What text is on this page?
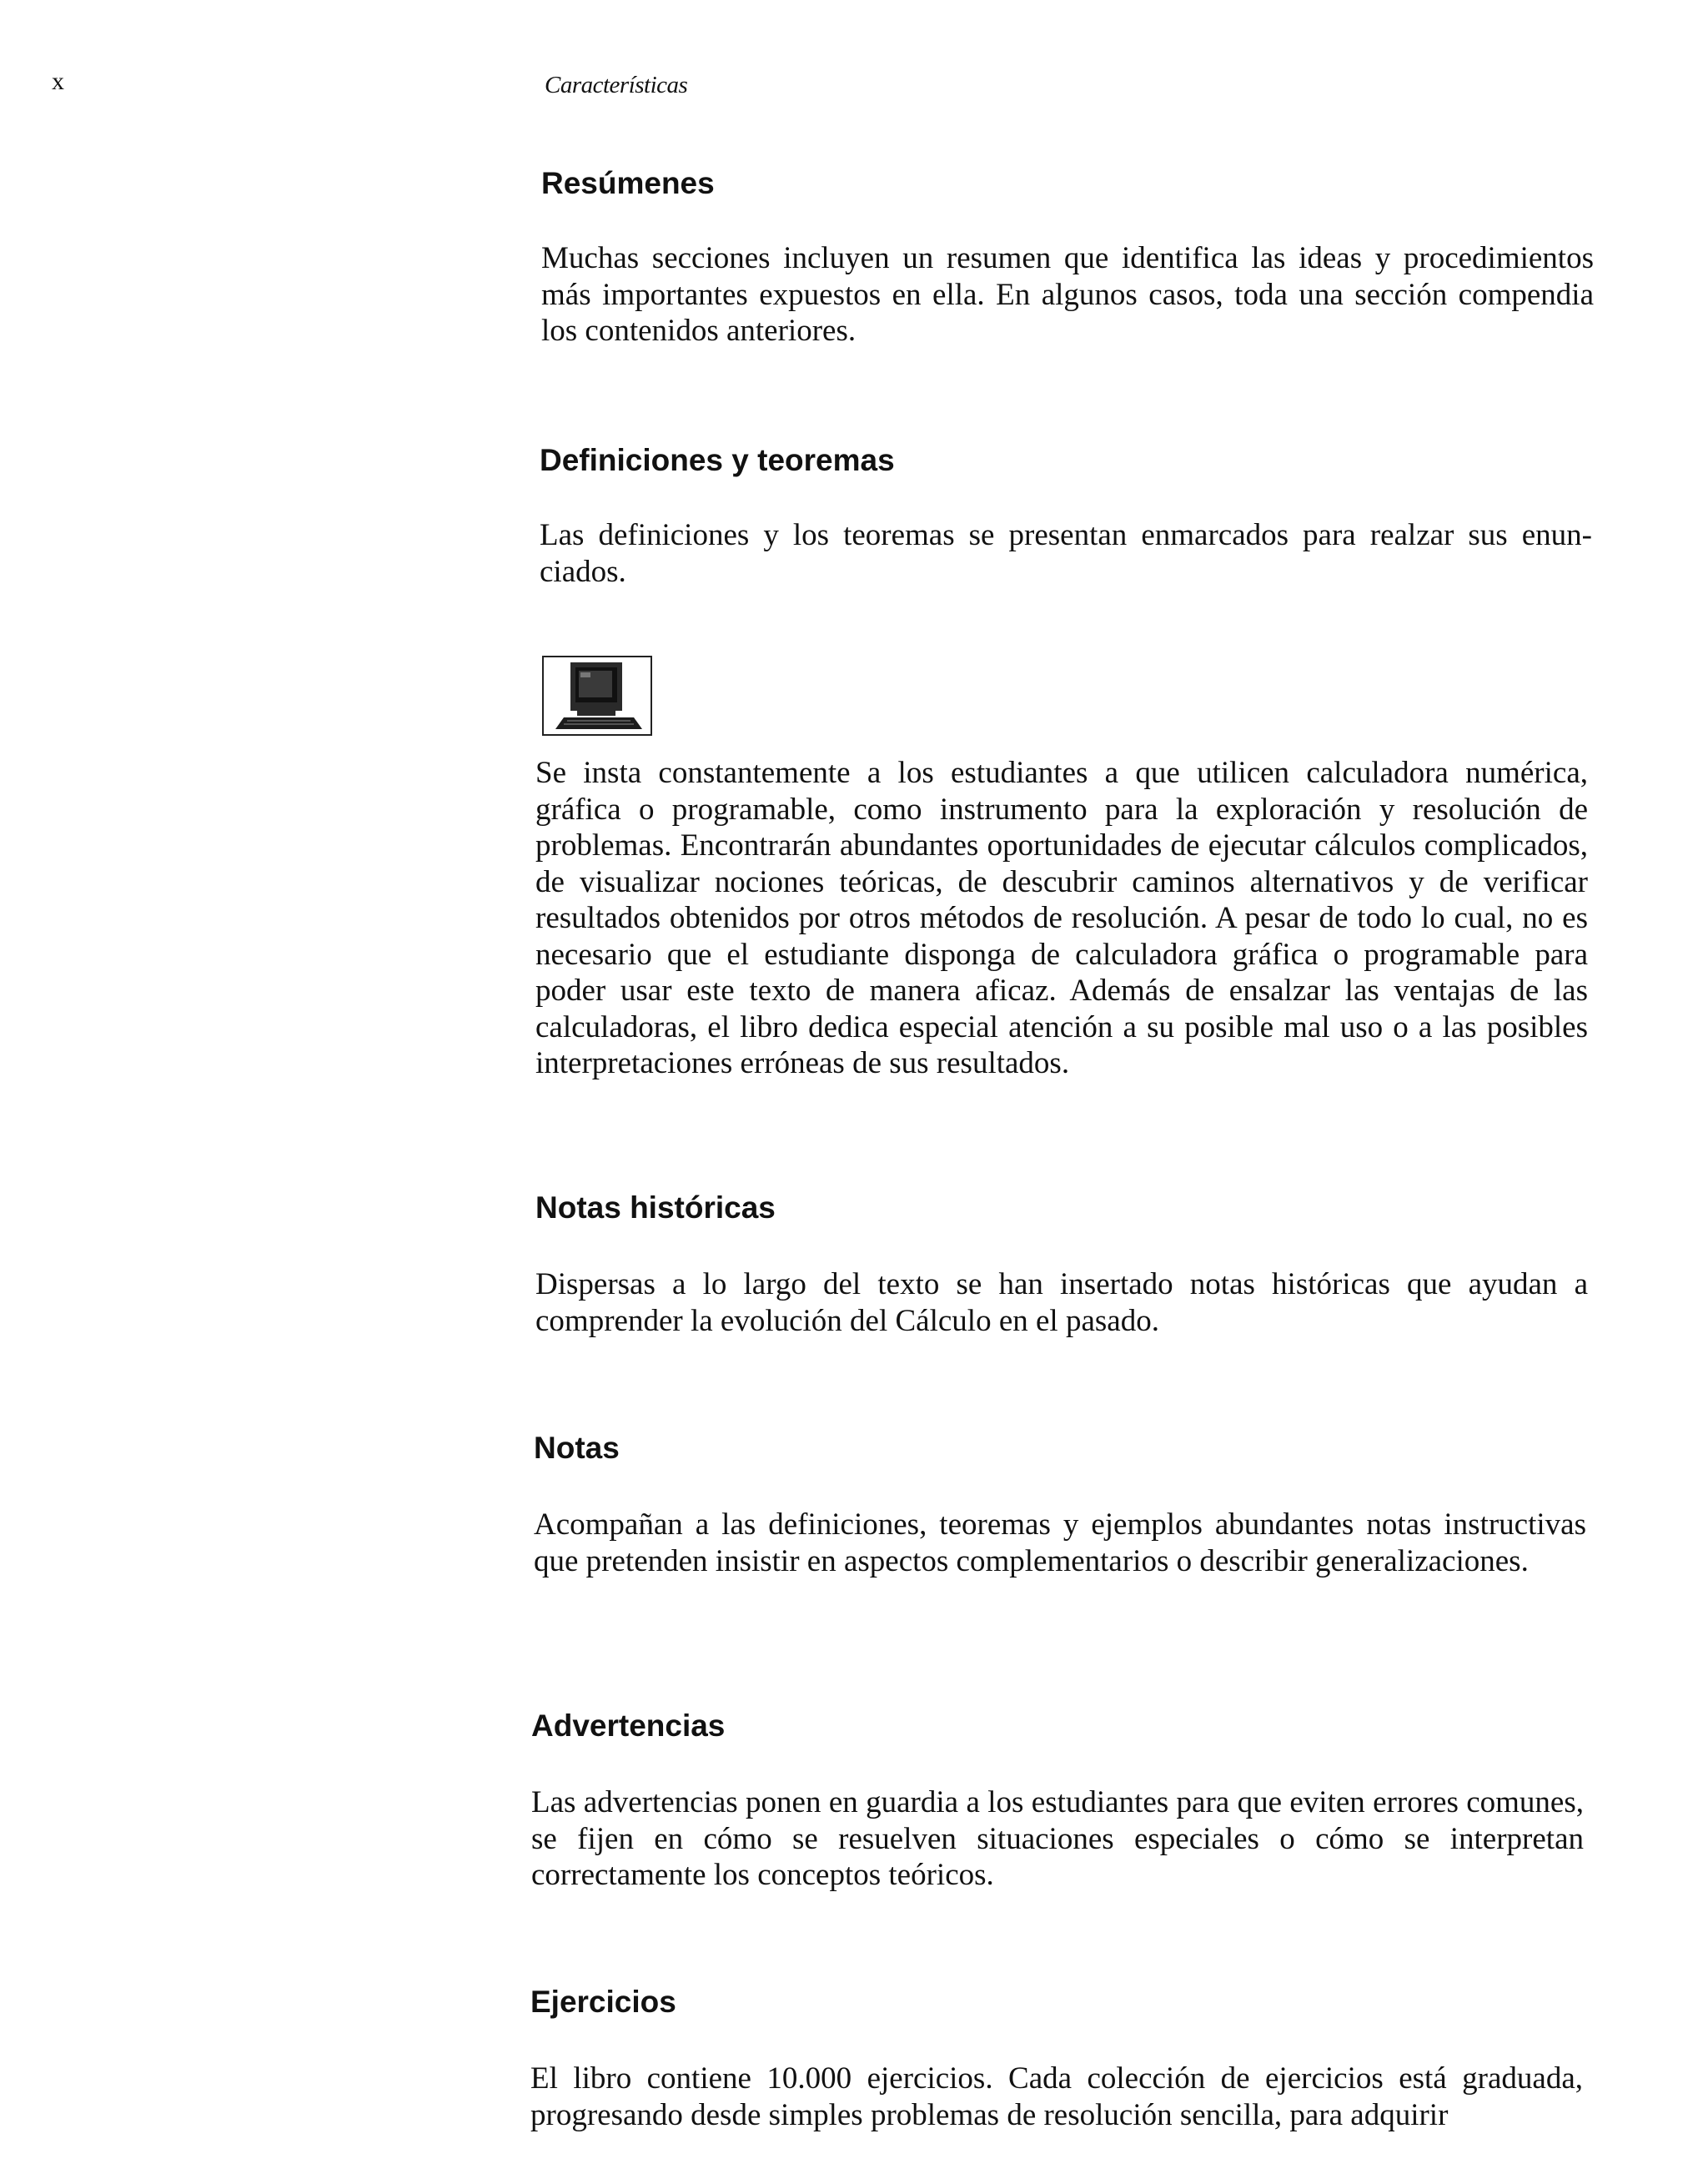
x	Características
Resúmenes

Muchas secciones incluyen un resumen que identifica las ideas y procedimientos más importantes expuestos en ella. En algunos casos, toda una sección compendia los contenidos anteriores.

Definiciones y teoremas

Las definiciones y los teoremas se presentan enmarcados para realzar sus enunciados.

Se insta constantemente a los estudiantes a que utilicen calculadora numérica, gráfica o programable, como instrumento para la exploración y resolución de problemas. Encontrarán abundantes oportunidades de ejecutar cálculos complicados, de visualizar nociones teóricas, de descubrir caminos alternativos y de verificar resultados obtenidos por otros métodos de resolución. A pesar de todo lo cual, no es necesario que el estudiante disponga de calculadora gráfica o programable para poder usar este texto de manera aficaz. Además de ensalzar las ventajas de las calculadoras, el libro dedica especial atención a su posible mal uso o a las posibles interpretaciones erróneas de sus resultados.

Notas históricas

Dispersas a lo largo del texto se han insertado notas históricas que ayudan a comprender la evolución del Cálculo en el pasado.

Notas

Acompañan a las definiciones, teoremas y ejemplos abundantes notas instructivas que pretenden insistir en aspectos complementarios o describir generalizaciones.

Advertencias

Las advertencias ponen en guardia a los estudiantes para que eviten errores comunes, se fijen en cómo se resuelven situaciones especiales o cómo se interpretan correctamente los conceptos teóricos.

Ejercicios

El libro contiene 10.000 ejercicios. Cada colección de ejercicios está graduada, progresando desde simples problemas de resolución sencilla, para adquirir
